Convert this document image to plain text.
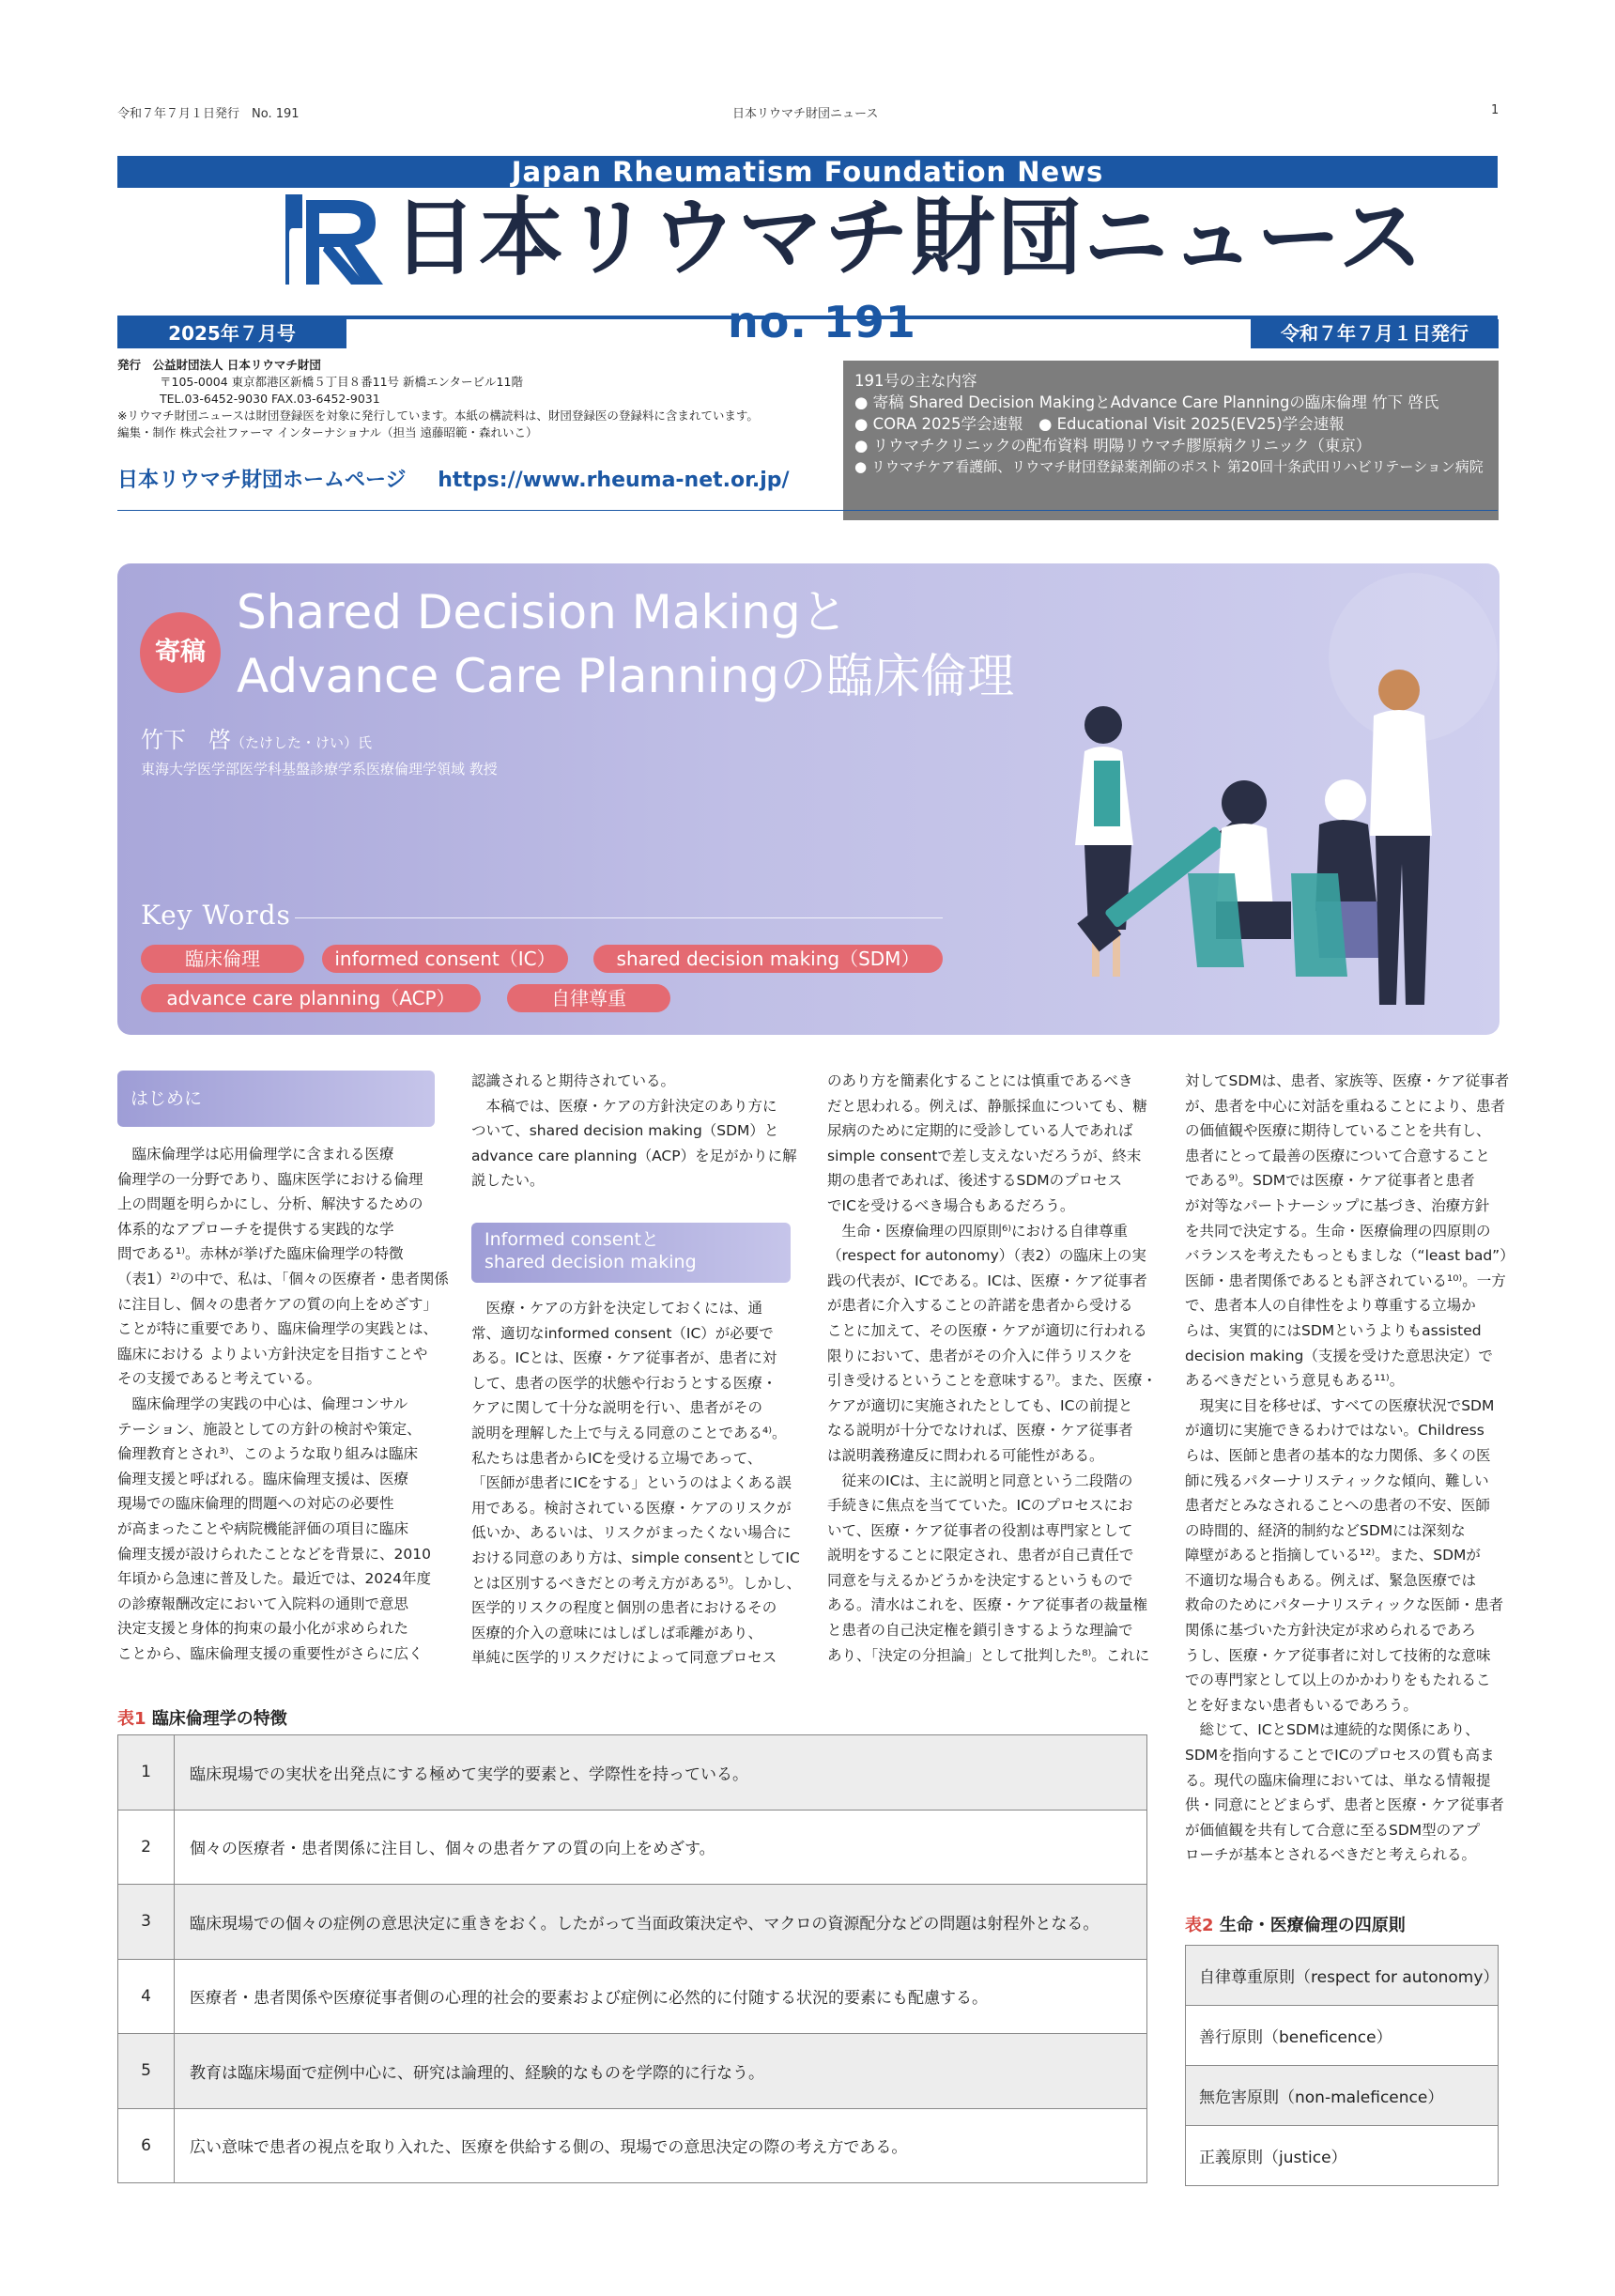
令和７年７月１日発行　No. 191	日本リウマチ財団ニュース	1
Japan Rheumatism Foundation News
日本リウマチ財団ニュース
2025年７月号	no. 191	令和７年７月１日発行
発行　 公益財団法人 日本リウマチ財団
〒105-0004 東京都港区新橋５丁目８番11号 新橋エンタービル11階
TEL.03-6452-9030 FAX.03-6452-9031
※リウマチ財団ニュースは財団登録医を対象に発行しています。本紙の構読料は、財団登録医の登録料に含まれています。
編集・制作 株式会社ファーマ インターナショナル（担当 遠藤昭範・森れいこ）
日本リウマチ財団ホームページ https://www.rheuma-net.or.jp/
191号の主な内容
● 寄稿 Shared Decision MakingとAdvance Care Planningの臨床倫理 竹下 啓氏
● CORA 2025学会速報　● Educational Visit 2025(EV25)学会速報
● リウマチクリニックの配布資料 明陽リウマチ膠原病クリニック（東京）
● リウマチケア看護師、リウマチ財団登録薬剤師のポスト 第20回十条武田リハビリテーション病院
寄稿
Shared Decision Makingと
Advance Care Planningの臨床倫理
竹下　啓（たけした・けい）氏
東海大学医学部医学科基盤診療学系医療倫理学領域 教授
Key Words
臨床倫理	informed consent（IC）	shared decision making（SDM）
advance care planning（ACP）	自律尊重
はじめに

　臨床倫理学は応用倫理学に含まれる医療

倫理学の一分野であり、臨床医学における倫理

上の問題を明らかにし、分析、解決するための

体系的なアプローチを提供する実践的な学

問である¹⁾。赤林が挙げた臨床倫理学の特徴

（表1）²⁾の中で、私は、「個々の医療者・患者関係

に注目し、個々の患者ケアの質の向上をめざす」

ことが特に重要であり、臨床倫理学の実践とは、

臨床における よりよい方針決定を目指すことや

その支援であると考えている。

　臨床倫理学の実践の中心は、倫理コンサル

テーション、施設としての方針の検討や策定、

倫理教育とされ³⁾、このような取り組みは臨床

倫理支援と呼ばれる。臨床倫理支援は、医療

現場での臨床倫理的問題への対応の必要性

が高まったことや病院機能評価の項目に臨床

倫理支援が設けられたことなどを背景に、2010

年頃から急速に普及した。最近では、2024年度

の診療報酬改定において入院料の通則で意思

決定支援と身体的拘束の最小化が求められた

ことから、臨床倫理支援の重要性がさらに広く

認識されると期待されている。

　本稿では、医療・ケアの方針決定のあり方に

ついて、shared decision making（SDM）と

advance care planning（ACP）を足がかりに解

説したい。

Informed consentと
shared decision making

　医療・ケアの方針を決定しておくには、通

常、適切なinformed consent（IC）が必要で

ある。ICとは、医療・ケア従事者が、患者に対

して、患者の医学的状態や行おうとする医療・

ケアに関して十分な説明を行い、患者がその

説明を理解した上で与える同意のことである⁴⁾。

私たちは患者からICを受ける立場であって、

「医師が患者にICをする」というのはよくある誤

用である。検討されている医療・ケアのリスクが

低いか、あるいは、リスクがまったくない場合に

おける同意のあり方は、simple consentとしてIC

とは区別するべきだとの考え方がある⁵⁾。しかし、

医学的リスクの程度と個別の患者におけるその

医療的介入の意味にはしばしば乖離があり、

単純に医学的リスクだけによって同意プロセス

のあり方を簡素化することには慎重であるべき

だと思われる。例えば、静脈採血についても、糖

尿病のために定期的に受診している人であれば

simple consentで差し支えないだろうが、終末

期の患者であれば、後述するSDMのプロセス

でICを受けるべき場合もあるだろう。

　生命・医療倫理の四原則⁶⁾における自律尊重

（respect for autonomy）（表2）の臨床上の実

践の代表が、ICである。ICは、医療・ケア従事者

が患者に介入することの許諾を患者から受ける

ことに加えて、その医療・ケアが適切に行われる

限りにおいて、患者がその介入に伴うリスクを

引き受けるということを意味する⁷⁾。また、医療・

ケアが適切に実施されたとしても、ICの前提と

なる説明が十分でなければ、医療・ケア従事者

は説明義務違反に問われる可能性がある。

　従来のICは、主に説明と同意という二段階の

手続きに焦点を当てていた。ICのプロセスにお

いて、医療・ケア従事者の役割は専門家として

説明をすることに限定され、患者が自己責任で

同意を与えるかどうかを決定するというもので

ある。清水はこれを、医療・ケア従事者の裁量権

と患者の自己決定権を鎖引きするような理論で

あり、「決定の分担論」として批判した⁸⁾。これに

対してSDMは、患者、家族等、医療・ケア従事者

が、患者を中心に対話を重ねることにより、患者

の価値観や医療に期待していることを共有し、

患者にとって最善の医療について合意すること

である⁹⁾。SDMでは医療・ケア従事者と患者

が対等なパートナーシップに基づき、治療方針

を共同で決定する。生命・医療倫理の四原則の

バランスを考えたもっともましな（“least bad”）

医師・患者関係であるとも評されている¹⁰⁾。一方

で、患者本人の自律性をより尊重する立場か

らは、実質的にはSDMというよりもassisted

decision making（支援を受けた意思決定）で

あるべきだという意見もある¹¹⁾。

　現実に目を移せば、すべての医療状況でSDM

が適切に実施できるわけではない。Childress

らは、医師と患者の基本的な力関係、多くの医

師に残るパターナリスティックな傾向、難しい

患者だとみなされることへの患者の不安、医師

の時間的、経済的制約などSDMには深刻な

障壁があると指摘している¹²⁾。また、SDMが

不適切な場合もある。例えば、緊急医療では

救命のためにパターナリスティックな医師・患者

関係に基づいた方針決定が求められるであろ

うし、医療・ケア従事者に対して技術的な意味

での専門家として以上のかかわりをもたれるこ

とを好まない患者もいるであろう。

　総じて、ICとSDMは連続的な関係にあり、

SDMを指向することでICのプロセスの質も高ま

る。現代の臨床倫理においては、単なる情報提

供・同意にとどまらず、患者と医療・ケア従事者

が価値観を共有して合意に至るSDM型のアプ

ローチが基本とされるべきだと考えられる。

表1 臨床倫理学の特徴
1	臨床現場での実状を出発点にする極めて実学的要素と、学際性を持っている。
2	個々の医療者・患者関係に注目し、個々の患者ケアの質の向上をめざす。
3	臨床現場での個々の症例の意思決定に重きをおく。したがって当面政策決定や、マクロの資源配分などの問題は射程外となる。
4	医療者・患者関係や医療従事者側の心理的社会的要素および症例に必然的に付随する状況的要素にも配慮する。
5	教育は臨床場面で症例中心に、研究は論理的、経験的なものを学際的に行なう。
6	広い意味で患者の視点を取り入れた、医療を供給する側の、現場での意思決定の際の考え方である。
表2 生命・医療倫理の四原則
自律尊重原則（respect for autonomy）
善行原則（beneficence）
無危害原則（non-maleficence）
正義原則（justice）
